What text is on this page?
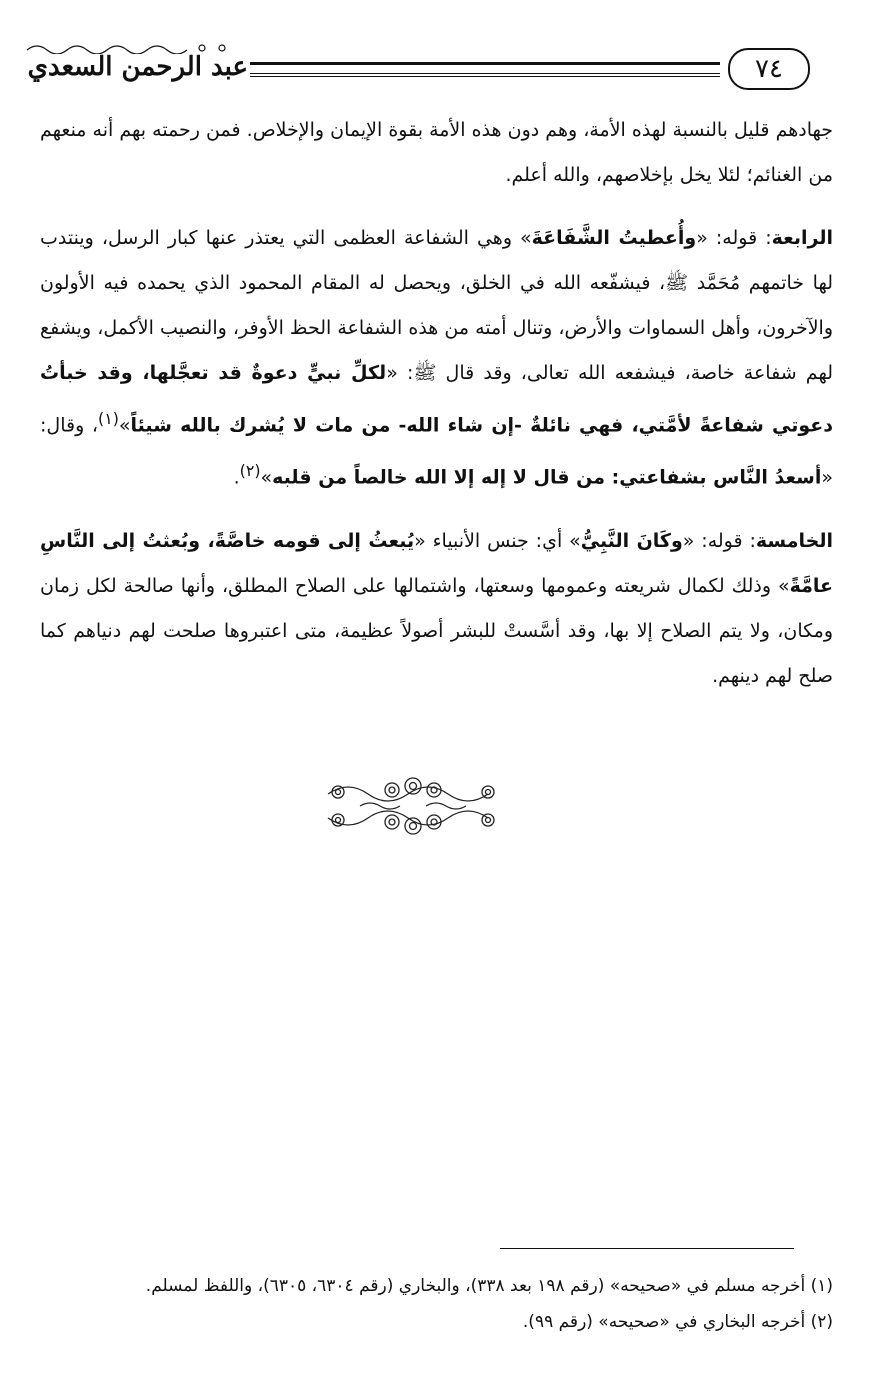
عبد الرحمن السعدي	٧٤

جهادهم قليل بالنسبة لهذه الأمة، وهم دون هذه الأمة بقوة الإيمان والإخلاص. فمن رحمته بهم أنه منعهم من الغنائم؛ لئلا يخل بإخلاصهم، والله أعلم.

الرابعة: قوله: «وأُعطيتُ الشَّفَاعَةَ» وهي الشفاعة العظمى التي يعتذر عنها كبار الرسل، وينتدب لها خاتمهم مُحَمَّد ﷺ، فيشفّعه الله في الخلق، ويحصل له المقام المحمود الذي يحمده فيه الأولون والآخرون، وأهل السماوات والأرض، وتنال أمته من هذه الشفاعة الحظ الأوفر، والنصيب الأكمل، ويشفع لهم شفاعة خاصة، فيشفعه الله تعالى، وقد قال ﷺ: «لكلِّ نبيٍّ دعوةٌ قد تعجَّلها، وقد خبأتُ دعوتي شفاعةً لأمَّتي، فهي نائلةٌ -إن شاء الله- من مات لا يُشرك بالله شيئاً»$^{(١)}$، وقال: «أسعدُ النَّاس بشفاعتي: من قال لا إله إلا الله خالصاً من قلبه»$^{(٢)}$.

الخامسة: قوله: «وكَانَ النَّبِيُّ» أي: جنس الأنبياء «يُبعثُ إلى قومه خاصَّةً، وبُعثتُ إلى النَّاسِ عامَّةً» وذلك لكمال شريعته وعمومها وسعتها، واشتمالها على الصلاح المطلق، وأنها صالحة لكل زمان ومكان، ولا يتم الصلاح إلا بها، وقد أسَّستْ للبشر أصولاً عظيمة، متى اعتبروها صلحت لهم دنياهم كما صلح لهم دينهم.

(١) أخرجه مسلم في «صحيحه» (رقم ١٩٨ بعد ٣٣٨)، والبخاري (رقم ٦٣٠٤، ٦٣٠٥)، واللفظ لمسلم.

(٢) أخرجه البخاري في «صحيحه» (رقم ٩٩).
